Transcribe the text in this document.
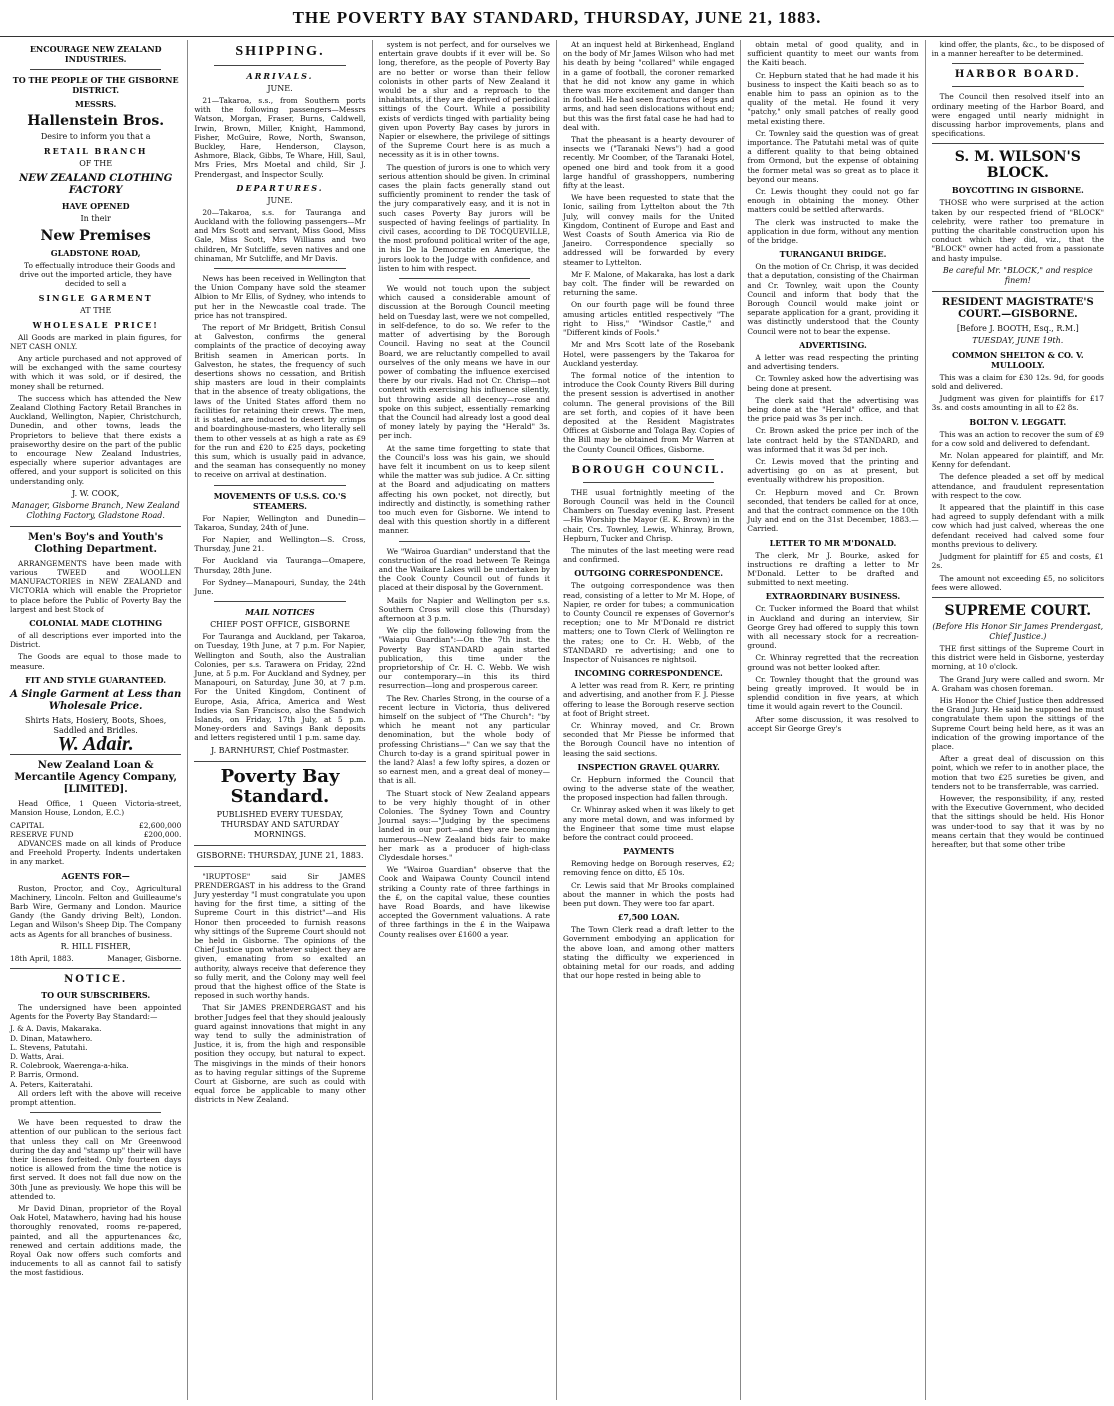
THE POVERTY BAY STANDARD, THURSDAY, JUNE 21, 1883.
ENCOURAGE NEW ZEALAND INDUSTRIES.
TO THE PEOPLE OF THE GISBORNE DISTRICT.
MESSRS.
Hallenstein Bros.
Desire to inform you that a
RETAIL BRANCH
OF THE
NEW ZEALAND CLOTHING FACTORY
HAVE OPENED
In their
New Premises
GLADSTONE ROAD,

To effectually introduce their Goods and drive out the imported article, they have decided to sell a

SINGLE GARMENT
AT THE
WHOLESALE PRICE!

All Goods are marked in plain figures, for NET CASH ONLY.

Any article purchased and not approved of will be exchanged with the same courtesy with which it was sold, or if desired, the money shall be returned.

The success which has attended the New Zealand Clothing Factory Retail Branches in Auckland, Wellington, Napier, Christchurch, Dunedin, and other towns, leads the Proprietors to believe that there exists a praiseworthy desire on the part of the public to encourage New Zealand Industries, especially where superior advantages are offered, and your support is solicited on this understanding only.

J. W. COOK,
Manager, Gisborne Branch, New Zealand Clothing Factory, Gladstone Road.
Men's Boy's and Youth's Clothing Department.

ARRANGEMENTS have been made with various TWEED and WOOLLEN MANUFACTORIES in NEW ZEALAND and VICTORIA which will enable the Proprietor to place before the Public of Poverty Bay the largest and best Stock of

COLONIAL MADE CLOTHING

of all descriptions ever imported into the District.

The Goods are equal to those made to measure.

FIT AND STYLE GUARANTEED.
A Single Garment at Less than Wholesale Price.
Shirts Hats, Hosiery, Boots, Shoes, Saddled and Bridles.
W. Adair.
New Zealand Loan & Mercantile Agency Company, [LIMITED].

Head Office, 1 Queen Victoria-street, Mansion House, London, E.C.)

CAPITAL	£2,600,000
RESERVE FUND	£200,000.

ADVANCES made on all kinds of Produce and Freehold Property. Indents undertaken in any market.

AGENTS FOR—

Ruston, Proctor, and Coy., Agricultural Machinery, Lincoln. Felton and Guilleaume's Barb Wire, Germany and London. Maurice Gandy (the Gandy driving Belt), London. Legan and Wilson's Sheep Dip. The Company acts as Agents for all branches of business.

R. HILL FISHER,
18th April, 1883.	Manager, Gisborne.
NOTICE.
TO OUR SUBSCRIBERS.

The undersigned have been appointed Agents for the Poverty Bay Standard:—

J. & A. Davis, Makaraka.
D. Dinan, Matawhero.
L. Stevens, Patutahi.
D. Watts, Arai.
R. Colebrook, Waerenga-a-hika.
P. Barris, Ormond.
A. Peters, Kaiteratahi.

All orders left with the above will receive prompt attention.

We have been requested to draw the attention of our publican to the serious fact that unless they call on Mr Greenwood during the day and "stamp up" their will have their licenses forfeited. Only fourteen days notice is allowed from the time the notice is first served. It does not fall due now on the 30th June as previously. We hope this will be attended to.

Mr David Dinan, proprietor of the Royal Oak Hotel, Matawhero, having had his house thoroughly renovated, rooms re-papered, painted, and all the appurtenances &c, renewed and certain additions made, the Royal Oak now offers such comforts and inducements to all as cannot fail to satisfy the most fastidious.

SHIPPING.
ARRIVALS.
JUNE.

21—Takaroa, s.s., from Southern ports with the following passengers—Messrs Watson, Morgan, Fraser, Burns, Caldwell, Irwin, Brown, Miller, Knight, Hammond, Fisher, McGuire, Rowe, North, Swanson, Buckley, Hare, Henderson, Clayson, Ashmore, Black, Gibbs, Te Whare, Hill, Saul, Mrs Fries, Mrs Moetal and child, Sir J. Prendergast, and Inspector Scully.

DEPARTURES.
JUNE.

20—Takaroa, s.s. for Tauranga and Auckland with the following passengers—Mr and Mrs Scott and servant, Miss Good, Miss Gale, Miss Scott, Mrs Williams and two children, Mr Sutcliffe, seven natives and one chinaman, Mr Sutcliffe, and Mr Davis.

News has been received in Wellington that the Union Company have sold the steamer Albion to Mr Ellis, of Sydney, who intends to put her in the Newcastle coal trade. The price has not transpired.

The report of Mr Bridgett, British Consul at Galveston, confirms the general complaints of the practice of decoying away British seamen in American ports. In Galveston, he states, the frequency of such desertions shows no cessation, and British ship masters are loud in their complaints that in the absence of treaty obligations, the laws of the United States afford them no facilities for retaining their crews. The men, it is stated, are induced to desert by crimps and boardinghouse-masters, who literally sell them to other vessels at as high a rate as £9 for the run and £20 to £25 days, pocketing this sum, which is usually paid in advance, and the seaman has consequently no money to receive on arrival at destination.

MOVEMENTS OF U.S.S. CO.'S STEAMERS.

For Napier, Wellington and Dunedin—Takaroa, Sunday, 24th of June.

For Napier, and Wellington—S. Cross, Thursday, June 21.

For Auckland via Tauranga—Omapere, Thursday, 28th June.

For Sydney—Manapouri, Sunday, the 24th June.

MAIL NOTICES
CHIEF POST OFFICE, GISBORNE

For Tauranga and Auckland, per Takaroa, on Tuesday, 19th June, at 7 p.m. For Napier, Wellington and South, also the Australian Colonies, per s.s. Tarawera on Friday, 22nd June, at 5 p.m. For Auckland and Sydney, per Manapouri, on Saturday, June 30, at 7 p.m. For the United Kingdom, Continent of Europe, Asia, Africa, America and West Indies via San Francisco, also the Sandwich Islands, on Friday, 17th July, at 5 p.m. Money-orders and Savings Bank deposits and letters registered until 1 p.m. same day.

J. BARNHURST, Chief Postmaster.
Poverty Bay Standard.
PUBLISHED EVERY TUESDAY, THURSDAY AND SATURDAY MORNINGS.
GISBORNE: THURSDAY, JUNE 21, 1883.

"IRUPTOSE" said Sir JAMES PRENDERGAST in his address to the Grand Jury yesterday "I must congratulate you upon having for the first time, a sitting of the Supreme Court in this district"—and His Honor then proceeded to furnish reasons why sittings of the Supreme Court should not be held in Gisborne. The opinions of the Chief Justice upon whatever subject they are given, emanating from so exalted an authority, always receive that deference they so fully merit, and the Colony may well feel proud that the highest office of the State is reposed in such worthy hands.

That Sir JAMES PRENDERGAST and his brother Judges feel that they should jealously guard against innovations that might in any way tend to sully the administration of Justice, it is, from the high and responsible position they occupy, but natural to expect. The misgivings in the minds of their honors as to having regular sittings of the Supreme Court at Gisborne, are such as could with equal force be applicable to many other districts in New Zealand.

system is not perfect, and for ourselves we entertain grave doubts if it ever will be. So long, therefore, as the people of Poverty Bay are no better or worse than their fellow colonists in other parts of New Zealand it would be a slur and a reproach to the inhabitants, if they are deprived of periodical sittings of the Court. While a possibility exists of verdicts tinged with partiality being given upon Poverty Bay cases by jurors in Napier or elsewhere, the privilege of sittings of the Supreme Court here is as much a necessity as it is in other towns.

The question of jurors is one to which very serious attention should be given. In criminal cases the plain facts generally stand out sufficiently prominent to render the task of the jury comparatively easy, and it is not in such cases Poverty Bay jurors will be suspected of having feelings of partiality. In civil cases, according to DE TOCQUEVILLE, the most profound political writer of the age, in his De la Democratie en Amerique, the jurors look to the Judge with confidence, and listen to him with respect.

We would not touch upon the subject which caused a considerable amount of discussion at the Borough Council meeting held on Tuesday last, were we not compelled, in self-defence, to do so. We refer to the matter of advertising by the Borough Council. Having no seat at the Council Board, we are reluctantly compelled to avail ourselves of the only means we have in our power of combating the influence exercised there by our rivals. Had not Cr. Chrisp—not content with exercising his influence silently, but throwing aside all decency—rose and spoke on this subject, essentially remarking that the Council had already lost a good deal of money lately by paying the "Herald" 3s. per inch.

At the same time forgetting to state that the Council's loss was his gain, we should have felt it incumbent on us to keep silent while the matter was sub judice. A Cr. sitting at the Board and adjudicating on matters affecting his own pocket, not directly, but indirectly and distinctly, is something rather too much even for Gisborne. We intend to deal with this question shortly in a different manner.

We "Wairoa Guardian" understand that the construction of the road between Te Reinga and the Waikare Lakes will be undertaken by the Cook County Council out of funds it placed at their disposal by the Government.

Mails for Napier and Wellington per s.s. Southern Cross will close this (Thursday) afternoon at 3 p.m.

We clip the following following from the "Waiapu Guardian":—On the 7th inst. the Poverty Bay STANDARD again started publication, this time under the proprietorship of Cr. H. C. Webb. We wish our contemporary—in this its third resurrection—long and prosperous career.

The Rev. Charles Strong, in the course of a recent lecture in Victoria, thus delivered himself on the subject of "The Church": "by which he meant not any particular denomination, but the whole body of professing Christians—" Can we say that the Church to-day is a grand spiritual power in the land? Alas! a few lofty spires, a dozen or so earnest men, and a great deal of money—that is all.

The Stuart stock of New Zealand appears to be very highly thought of in other Colonies. The Sydney Town and Country Journal says:—"Judging by the specimens landed in our port—and they are becoming numerous—New Zealand bids fair to make her mark as a producer of high-class Clydesdale horses."

We "Wairoa Guardian" observe that the Cook and Waipawa County Council intend striking a County rate of three farthings in the £, on the capital value, these counties have Road Boards, and have likewise accepted the Government valuations. A rate of three farthings in the £ in the Waipawa County realises over £1600 a year.

At an inquest held at Birkenhead, England on the body of Mr James Wilson who had met his death by being "collared" while engaged in a game of football, the coroner remarked that he did not know any game in which there was more excitement and danger than in football. He had seen fractures of legs and arms, and had seen dislocations without end; but this was the first fatal case he had had to deal with.

That the pheasant is a hearty devourer of insects we ("Taranaki News") had a good recently. Mr Coomber, of the Taranaki Hotel, opened one bird and took from it a good large handful of grasshoppers, numbering fifty at the least.

We have been requested to state that the Ionic, sailing from Lyttelton about the 7th July, will convey mails for the United Kingdom, Continent of Europe and East and West Coasts of South America via Rio de Janeiro. Correspondence specially so addressed will be forwarded by every steamer to Lyttelton.

Mr F. Malone, of Makaraka, has lost a dark bay colt. The finder will be rewarded on returning the same.

On our fourth page will be found three amusing articles entitled respectively "The right to Hiss," "Windsor Castle," and "Different kinds of Fools."

Mr and Mrs Scott late of the Rosebank Hotel, were passengers by the Takaroa for Auckland yesterday.

The formal notice of the intention to introduce the Cook County Rivers Bill during the present session is advertised in another column. The general provisions of the Bill are set forth, and copies of it have been deposited at the Resident Magistrates Offices at Gisborne and Tolaga Bay. Copies of the Bill may be obtained from Mr Warren at the County Council Offices, Gisborne.

BOROUGH COUNCIL.

THE usual fortnightly meeting of the Borough Council was held in the Council Chambers on Tuesday evening last. Present—His Worship the Mayor (E. K. Brown) in the chair, Crs. Townley, Lewis, Whinray, Brown, Hepburn, Tucker and Chrisp.

The minutes of the last meeting were read and confirmed.

OUTGOING CORRESPONDENCE.

The outgoing correspondence was then read, consisting of a letter to Mr M. Hope, of Napier, re order for tubes; a communication to County Council re expenses of Governor's reception; one to Mr M'Donald re district matters; one to Town Clerk of Wellington re the rates; one to Cr. H. Webb, of the STANDARD re advertising; and one to Inspector of Nuisances re nightsoil.

INCOMING CORRESPONDENCE.

A letter was read from R. Kerr, re printing and advertising, and another from F. J. Piesse offering to lease the Borough reserve section at foot of Bright street.

Cr. Whinray moved, and Cr. Brown seconded that Mr Piesse be informed that the Borough Council have no intention of leasing the said sections.

INSPECTION GRAVEL QUARRY.

Cr. Hepburn informed the Council that owing to the adverse state of the weather, the proposed inspection had fallen through.

Cr. Whinray asked when it was likely to get any more metal down, and was informed by the Engineer that some time must elapse before the contract could proceed.

PAYMENTS

Removing hedge on Borough reserves, £2; removing fence on ditto, £5 10s.

Cr. Lewis said that Mr Brooks complained about the manner in which the posts had been put down. They were too far apart.

£7,500 LOAN.

The Town Clerk read a draft letter to the Government embodying an application for the above loan, and among other matters stating the difficulty we experienced in obtaining metal for our roads, and adding that our hope rested in being able to

obtain metal of good quality, and in sufficient quantity to meet our wants from the Kaiti beach.

Cr. Hepburn stated that he had made it his business to inspect the Kaiti beach so as to enable him to pass an opinion as to the quality of the metal. He found it very "patchy," only small patches of really good metal existing there.

Cr. Townley said the question was of great importance. The Patutahi metal was of quite a different quality to that being obtained from Ormond, but the expense of obtaining the former metal was so great as to place it beyond our means.

Cr. Lewis thought they could not go far enough in obtaining the money. Other matters could be settled afterwards.

The clerk was instructed to make the application in due form, without any mention of the bridge.

TURANGANUI BRIDGE.

On the motion of Cr. Chrisp, it was decided that a deputation, consisting of the Chairman and Cr. Townley, wait upon the County Council and inform that body that the Borough Council would make joint or separate application for a grant, providing it was distinctly understood that the County Council were not to bear the expense.

ADVERTISING.

A letter was read respecting the printing and advertising tenders.

Cr. Townley asked how the advertising was being done at present.

The clerk said that the advertising was being done at the "Herald" office, and that the price paid was 3s per inch.

Cr. Brown asked the price per inch of the late contract held by the STANDARD, and was informed that it was 3d per inch.

Cr. Lewis moved that the printing and advertising go on as at present, but eventually withdrew his proposition.

Cr. Hepburn moved and Cr. Brown seconded, that tenders be called for at once, and that the contract commence on the 10th July and end on the 31st December, 1883.—Carried.

LETTER TO MR M'DONALD.

The clerk, Mr J. Bourke, asked for instructions re drafting a letter to Mr M'Donald. Letter to be drafted and submitted to next meeting.

EXTRAORDINARY BUSINESS.

Cr. Tucker informed the Board that whilst in Auckland and during an interview, Sir George Grey had offered to supply this town with all necessary stock for a recreation-ground.

Cr. Whinray regretted that the recreation ground was not better looked after.

Cr. Townley thought that the ground was being greatly improved. It would be in splendid condition in five years, at which time it would again revert to the Council.

After some discussion, it was resolved to accept Sir George Grey's

kind offer, the plants, &c., to be disposed of in a manner hereafter to be determined.

HARBOR BOARD.

The Council then resolved itself into an ordinary meeting of the Harbor Board, and were engaged until nearly midnight in discussing harbor improvements, plans and specifications.

S. M. WILSON'S BLOCK.
BOYCOTTING IN GISBORNE.

THOSE who were surprised at the action taken by our respected friend of "BLOCK" celebrity, were rather too premature in putting the charitable construction upon his conduct which they did, viz., that the "BLOCK" owner had acted from a passionate and hasty impulse.

Be careful Mr. "BLOCK," and respice finem!
RESIDENT MAGISTRATE'S COURT.—GISBORNE.
[Before J. BOOTH, Esq., R.M.]
TUESDAY, JUNE 19th.
COMMON SHELTON & CO. V. MULLOOLY.

This was a claim for £30 12s. 9d, for goods sold and delivered.

Judgment was given for plaintiffs for £17 3s. and costs amounting in all to £2 8s.

BOLTON V. LEGGATT.

This was an action to recover the sum of £9 for a cow sold and delivered to defendant.

Mr. Nolan appeared for plaintiff, and Mr. Kenny for defendant.

The defence pleaded a set off by medical attendance, and fraudulent representation with respect to the cow.

It appeared that the plaintiff in this case had agreed to supply defendant with a milk cow which had just calved, whereas the one defendant received had calved some four months previous to delivery.

Judgment for plaintiff for £5 and costs, £1 2s.

The amount not exceeding £5, no solicitors fees were allowed.

SUPREME COURT.
(Before His Honor Sir James Prendergast, Chief Justice.)

THE first sittings of the Supreme Court in this district were held in Gisborne, yesterday morning, at 10 o'clock.

The Grand Jury were called and sworn. Mr A. Graham was chosen foreman.

His Honor the Chief Justice then addressed the Grand Jury. He said he supposed he must congratulate them upon the sittings of the Supreme Court being held here, as it was an indication of the growing importance of the place.

After a great deal of discussion on this point, which we refer to in another place, the motion that two £25 sureties be given, and tenders not to be transferrable, was carried.

However, the responsibility, if any, rested with the Executive Government, who decided that the sittings should be held. His Honor was under-tood to say that it was by no means certain that they would be continued hereafter, but that some other tribe
